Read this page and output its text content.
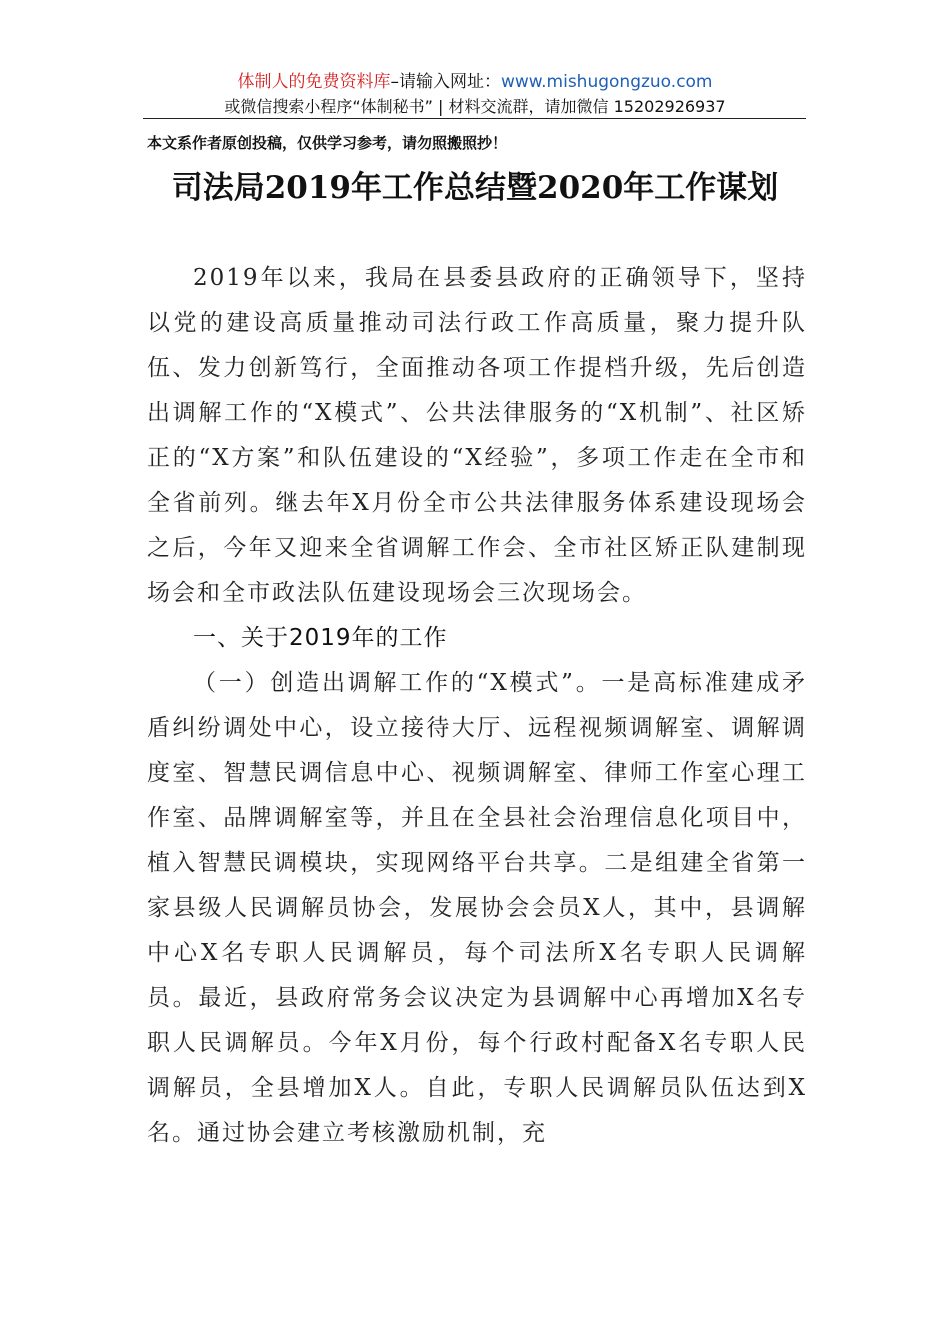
体制人的免费资料库–请输入网址：www.mishugongzuo.com
或微信搜索小程序“体制秘书” | 材料交流群，请加微信 15202926937
本文系作者原创投稿，仅供学习参考，请勿照搬照抄！
司法局2019年工作总结暨2020年工作谋划

2019年以来，我局在县委县政府的正确领导下，坚持以党的建设高质量推动司法行政工作高质量，聚力提升队伍、发力创新笃行，全面推动各项工作提档升级，先后创造出调解工作的“X模式”、公共法律服务的“X机制”、社区矫正的“X方案”和队伍建设的“X经验”，多项工作走在全市和全省前列。继去年X月份全市公共法律服务体系建设现场会之后，今年又迎来全省调解工作会、全市社区矫正队建制现场会和全市政法队伍建设现场会三次现场会。

一、关于2019年的工作

（一）创造出调解工作的“X模式”。一是高标准建成矛盾纠纷调处中心，设立接待大厅、远程视频调解室、调解调度室、智慧民调信息中心、视频调解室、律师工作室心理工作室、品牌调解室等，并且在全县社会治理信息化项目中，植入智慧民调模块，实现网络平台共享。二是组建全省第一家县级人民调解员协会，发展协会会员X人，其中，县调解中心X名专职人民调解员，每个司法所X名专职人民调解员。最近，县政府常务会议决定为县调解中心再增加X名专职人民调解员。今年X月份，每个行政村配备X名专职人民调解员，全县增加X人。自此，专职人民调解员队伍达到X名。通过协会建立考核激励机制，充
